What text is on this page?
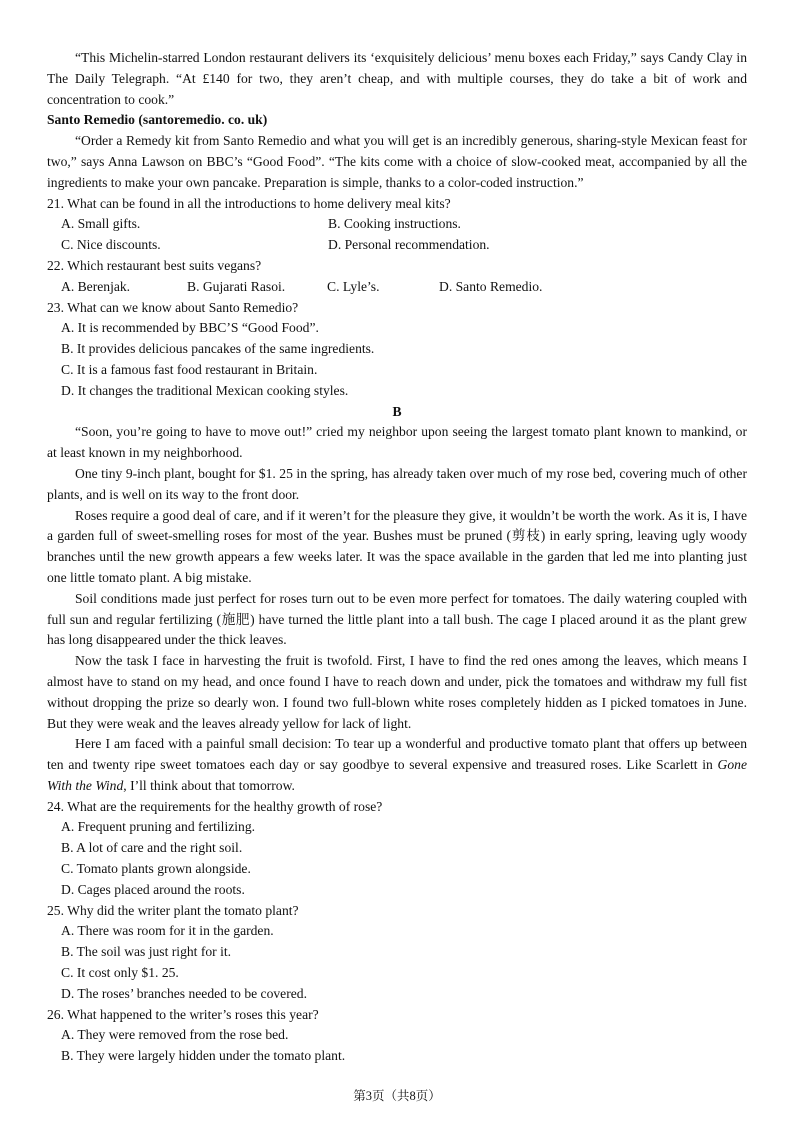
“This Michelin-starred London restaurant delivers its ‘exquisitely delicious’ menu boxes each Friday,” says Candy Clay in The Daily Telegraph. “At £140 for two, they aren’t cheap, and with multiple courses, they do take a bit of work and concentration to cook.”

Santo Remedio (santoremedio. co. uk)

“Order a Remedy kit from Santo Remedio and what you will get is an incredibly generous, sharing-style Mexican feast for two,” says Anna Lawson on BBC’s “Good Food”. “The kits come with a choice of slow-cooked meat, accompanied by all the ingredients to make your own pancake. Preparation is simple, thanks to a color-coded instruction.”

21. What can be found in all the introductions to home delivery meal kits?

A. Small gifts.	B. Cooking instructions.
C. Nice discounts.	D. Personal recommendation.

22. Which restaurant best suits vegans?

A. Berenjak.	B. Gujarati Rasoi.	C. Lyle’s.	D. Santo Remedio.

23. What can we know about Santo Remedio?

A. It is recommended by BBC’S “Good Food”.

B. It provides delicious pancakes of the same ingredients.

C. It is a famous fast food restaurant in Britain.

D. It changes the traditional Mexican cooking styles.

B

“Soon, you’re going to have to move out!” cried my neighbor upon seeing the largest tomato plant known to mankind, or at least known in my neighborhood.

One tiny 9-inch plant, bought for $1. 25 in the spring, has already taken over much of my rose bed, covering much of other plants, and is well on its way to the front door.

Roses require a good deal of care, and if it weren’t for the pleasure they give, it wouldn’t be worth the work. As it is, I have a garden full of sweet-smelling roses for most of the year. Bushes must be pruned (剪枝) in early spring, leaving ugly woody branches until the new growth appears a few weeks later. It was the space available in the garden that led me into planting just one little tomato plant. A big mistake.

Soil conditions made just perfect for roses turn out to be even more perfect for tomatoes. The daily watering coupled with full sun and regular fertilizing (施肥) have turned the little plant into a tall bush. The cage I placed around it as the plant grew has long disappeared under the thick leaves.

Now the task I face in harvesting the fruit is twofold. First, I have to find the red ones among the leaves, which means I almost have to stand on my head, and once found I have to reach down and under, pick the tomatoes and withdraw my full fist without dropping the prize so dearly won. I found two full-blown white roses completely hidden as I picked tomatoes in June. But they were weak and the leaves already yellow for lack of light.

Here I am faced with a painful small decision: To tear up a wonderful and productive tomato plant that offers up between ten and twenty ripe sweet tomatoes each day or say goodbye to several expensive and treasured roses. Like Scarlett in Gone With the Wind, I’ll think about that tomorrow.

24. What are the requirements for the healthy growth of rose?

A. Frequent pruning and fertilizing.

B. A lot of care and the right soil.

C. Tomato plants grown alongside.

D. Cages placed around the roots.

25. Why did the writer plant the tomato plant?

A. There was room for it in the garden.

B. The soil was just right for it.

C. It cost only $1. 25.

D. The roses’ branches needed to be covered.

26. What happened to the writer’s roses this year?

A. They were removed from the rose bed.

B. They were largely hidden under the tomato plant.

第3页（共8页）
